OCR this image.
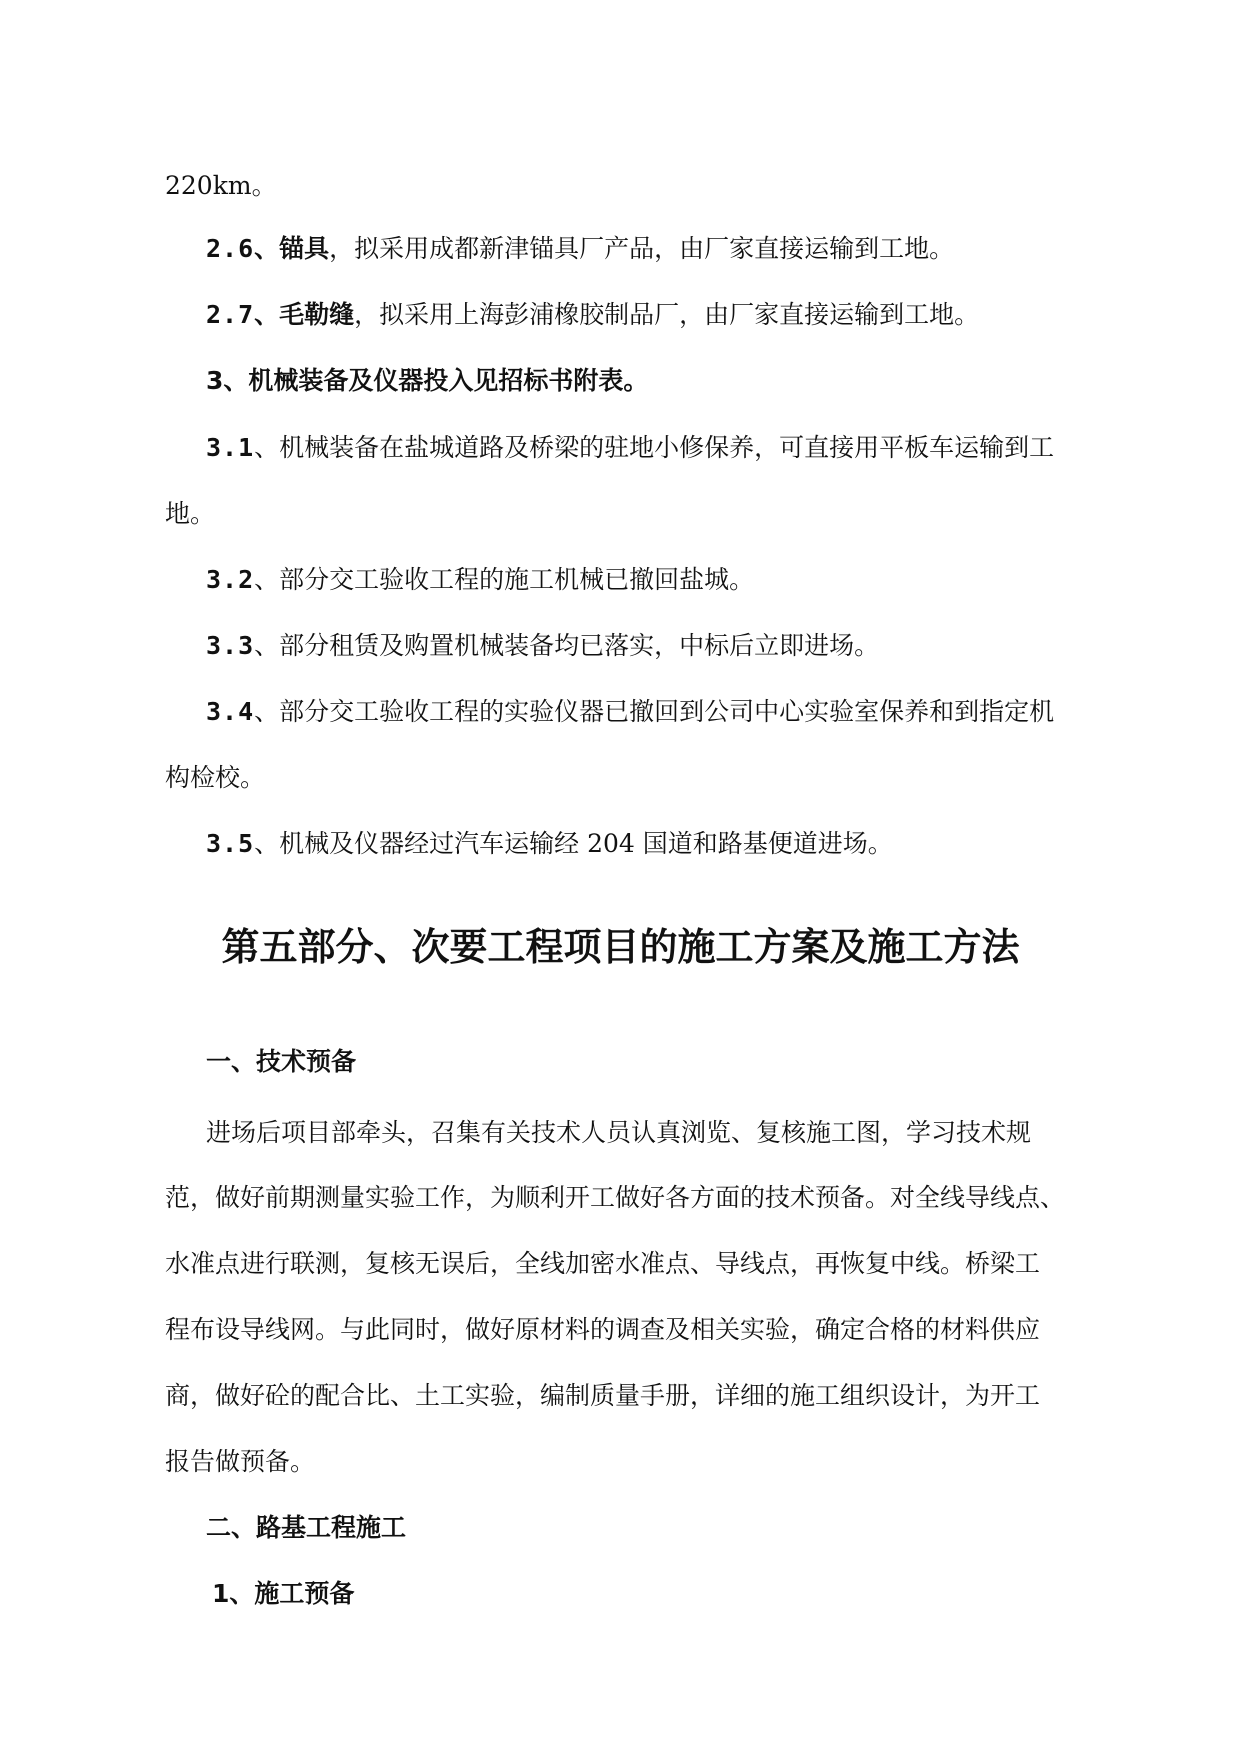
220km。
2.6、锚具，拟采用成都新津锚具厂产品，由厂家直接运输到工地。
2.7、毛勒缝，拟采用上海彭浦橡胶制品厂，由厂家直接运输到工地。
3、机械装备及仪器投入见招标书附表。
3.1、机械装备在盐城道路及桥梁的驻地小修保养，可直接用平板车运输到工
地。
3.2、部分交工验收工程的施工机械已撤回盐城。
3.3、部分租赁及购置机械装备均已落实，中标后立即进场。
3.4、部分交工验收工程的实验仪器已撤回到公司中心实验室保养和到指定机
构检校。
3.5、机械及仪器经过汽车运输经 204 国道和路基便道进场。
第五部分、次要工程项目的施工方案及施工方法
一、技术预备
进场后项目部牵头，召集有关技术人员认真浏览、复核施工图，学习技术规
范，做好前期测量实验工作，为顺利开工做好各方面的技术预备。对全线导线点、
水准点进行联测，复核无误后，全线加密水准点、导线点，再恢复中线。桥梁工
程布设导线网。与此同时，做好原材料的调查及相关实验，确定合格的材料供应
商，做好砼的配合比、土工实验，编制质量手册，详细的施工组织设计，为开工
报告做预备。
二、路基工程施工
1、施工预备
